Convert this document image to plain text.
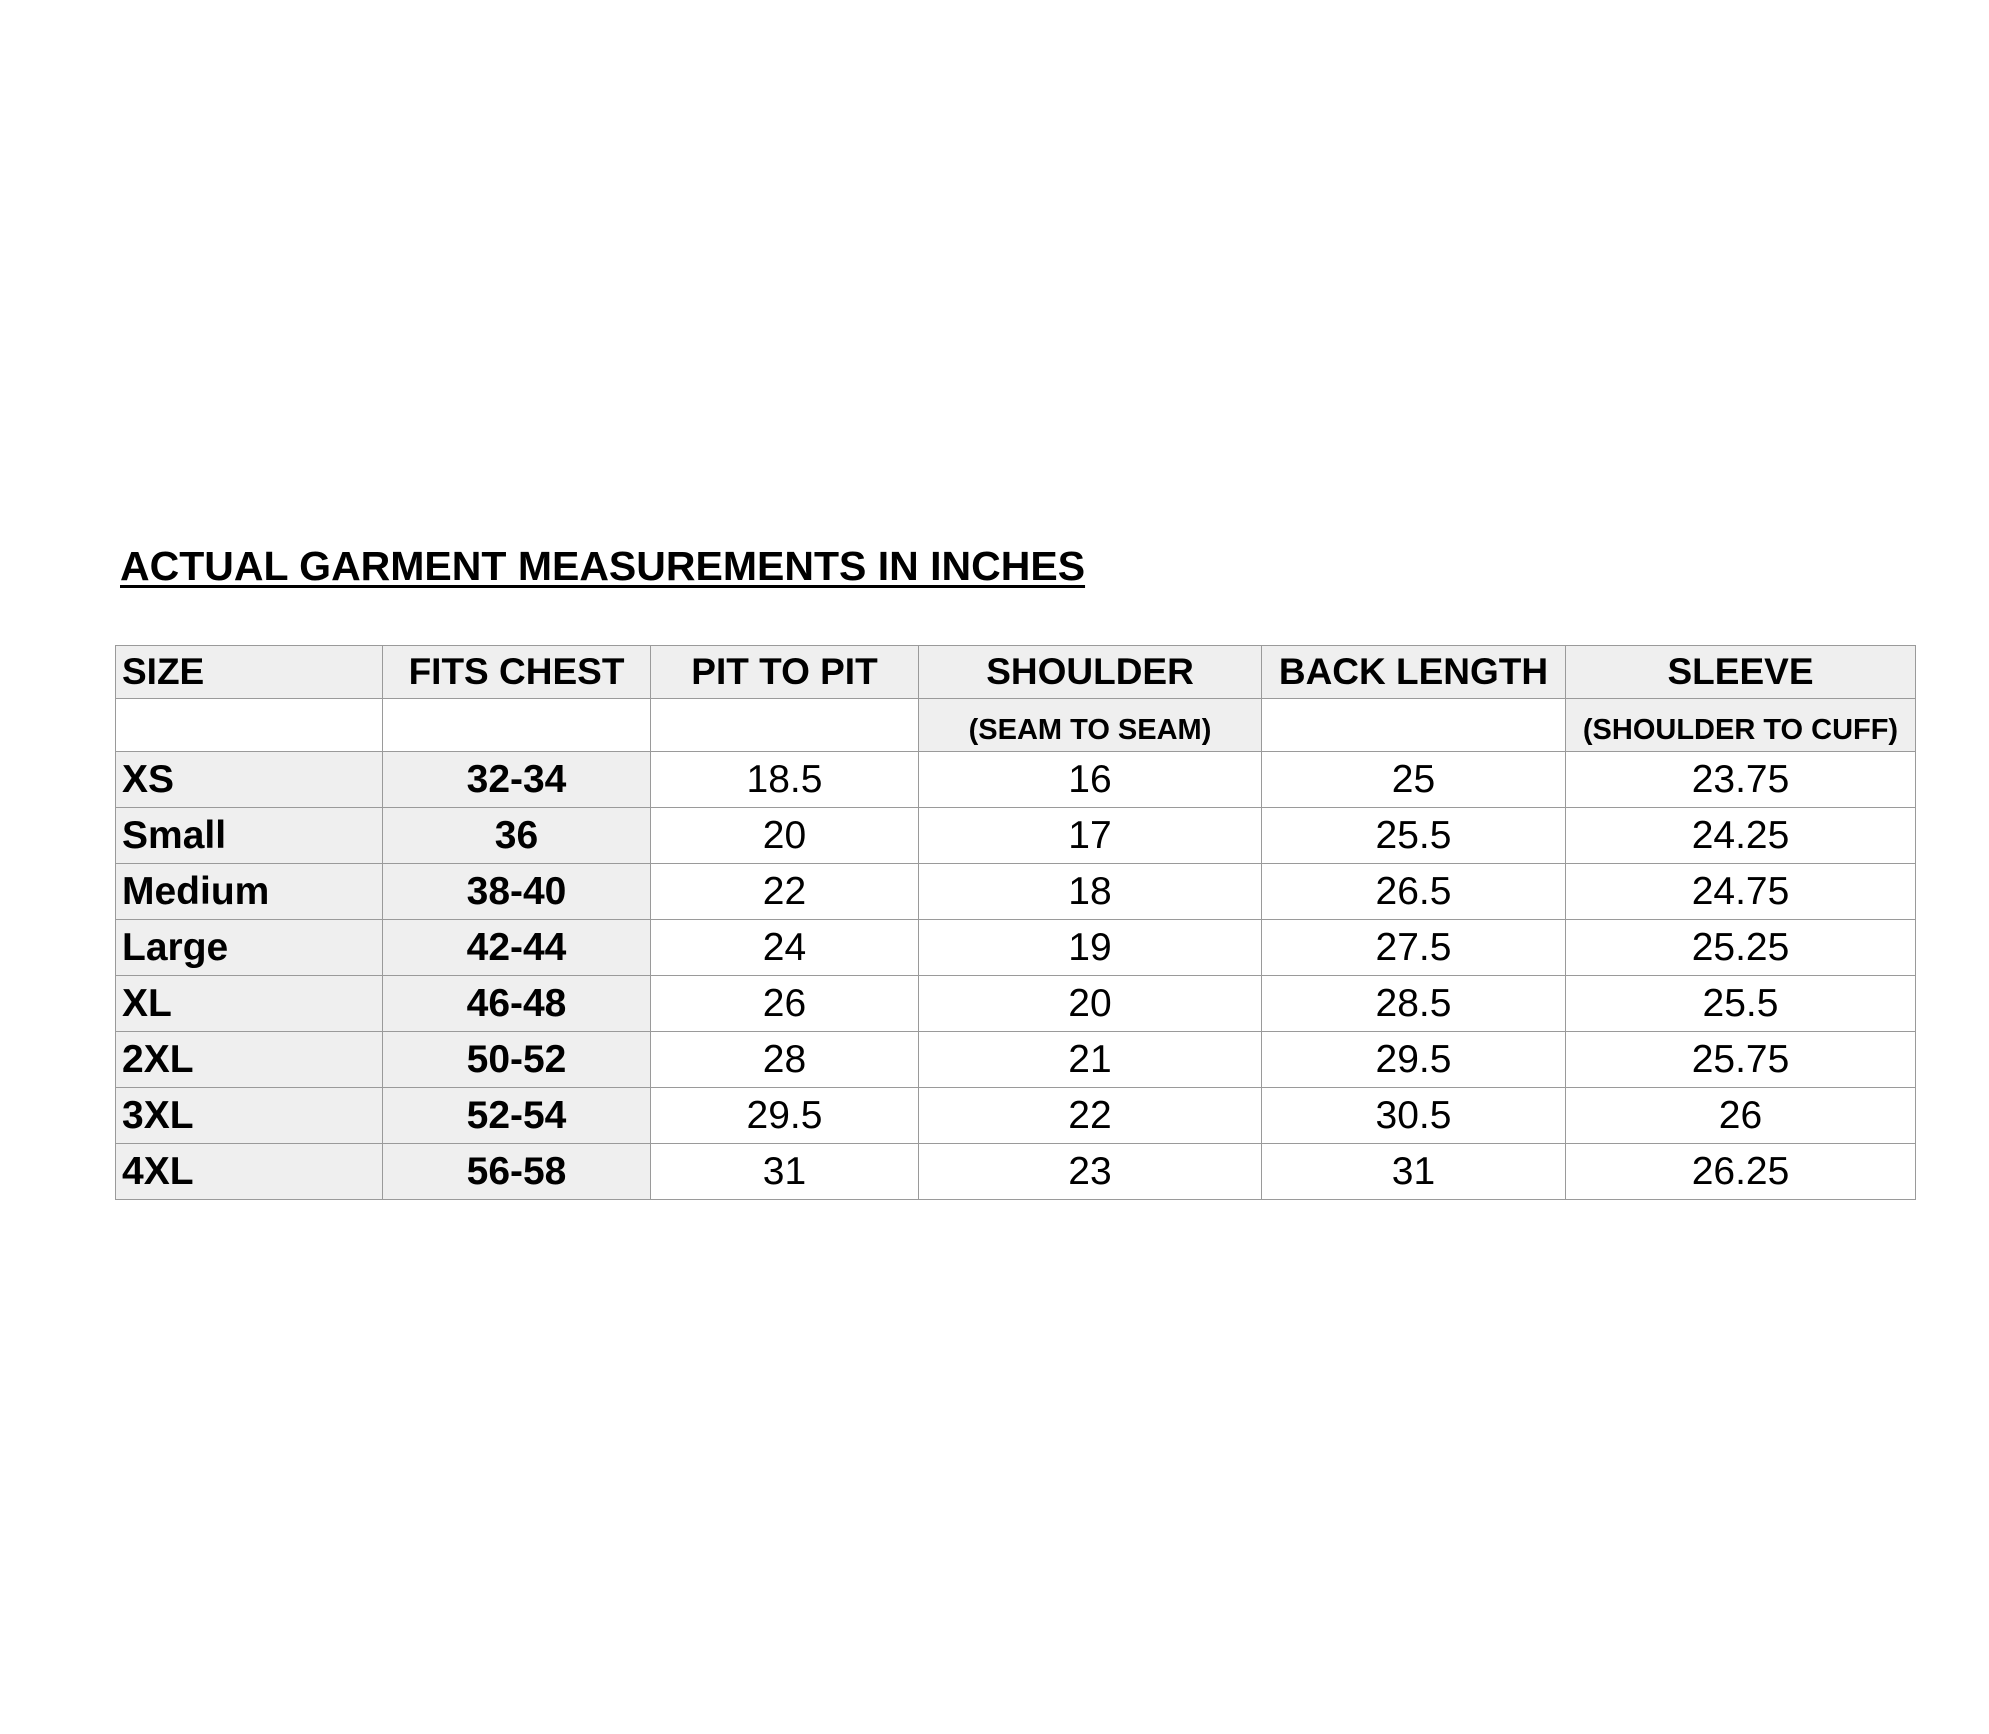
ACTUAL GARMENT MEASUREMENTS IN INCHES
SIZE	FITS CHEST	PIT TO PIT	SHOULDER	BACK LENGTH	SLEEVE
			(SEAM TO SEAM)		(SHOULDER TO CUFF)
XS	32-34	18.5	16	25	23.75
Small	36	20	17	25.5	24.25
Medium	38-40	22	18	26.5	24.75
Large	42-44	24	19	27.5	25.25
XL	46-48	26	20	28.5	25.5
2XL	50-52	28	21	29.5	25.75
3XL	52-54	29.5	22	30.5	26
4XL	56-58	31	23	31	26.25
